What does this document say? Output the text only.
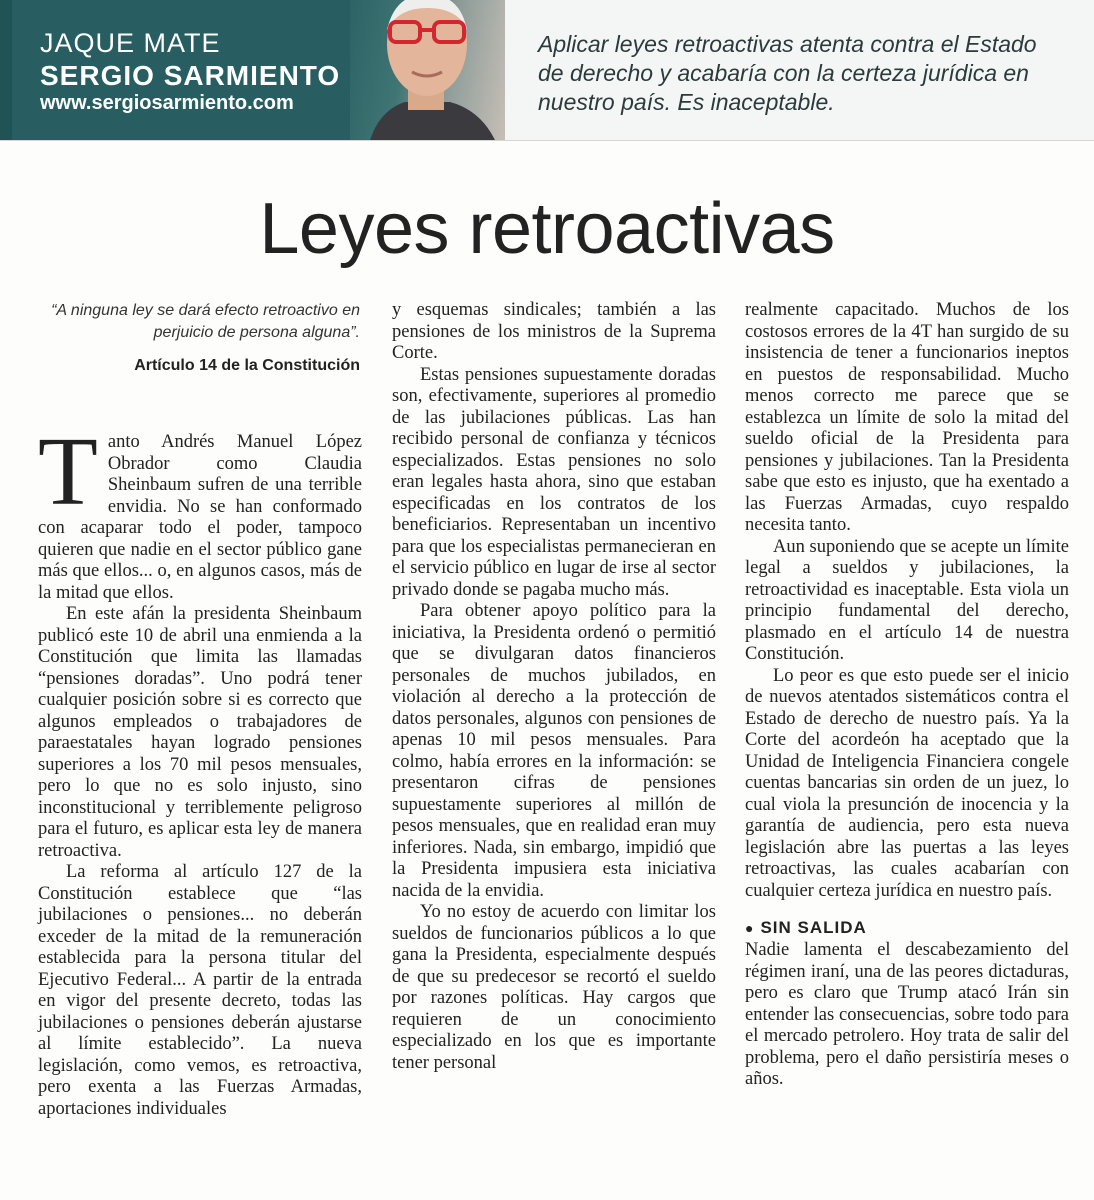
JAQUE MATE
SERGIO SARMIENTO
www.sergiosarmiento.com
Aplicar leyes retroactivas atenta contra el Estado de derecho y acabaría con la certeza jurídica en nuestro país. Es inaceptable.
Leyes retroactivas
“A ninguna ley se dará efecto retroactivo en perjuicio de persona alguna”.
Artículo 14 de la Constitución

Tanto Andrés Manuel López Obrador como Claudia Sheinbaum sufren de una terrible envidia. No se han conformado con acaparar todo el poder, tampoco quieren que nadie en el sector público gane más que ellos... o, en algunos casos, más de la mitad que ellos.

En este afán la presidenta Sheinbaum publicó este 10 de abril una enmienda a la Constitución que limita las llamadas “pensiones doradas”. Uno podrá tener cualquier posición sobre si es correcto que algunos empleados o trabajadores de paraestatales hayan logrado pensiones superiores a los 70 mil pesos mensuales, pero lo que no es solo injusto, sino inconstitucional y terriblemente peligroso para el futuro, es aplicar esta ley de manera retroactiva.

La reforma al artículo 127 de la Constitución establece que “las jubilaciones o pensiones... no deberán exceder de la mitad de la remuneración establecida para la persona titular del Ejecutivo Federal... A partir de la entrada en vigor del presente decreto, todas las jubilaciones o pensiones deberán ajustarse al límite establecido”. La nueva legislación, como vemos, es retroactiva, pero exenta a las Fuerzas Armadas, aportaciones individuales

y esquemas sindicales; también a las pensiones de los ministros de la Suprema Corte.

Estas pensiones supuestamente doradas son, efectivamente, superiores al promedio de las jubilaciones públicas. Las han recibido personal de confianza y técnicos especializados. Estas pensiones no solo eran legales hasta ahora, sino que estaban especificadas en los contratos de los beneficiarios. Representaban un incentivo para que los especialistas permanecieran en el servicio público en lugar de irse al sector privado donde se pagaba mucho más.

Para obtener apoyo político para la iniciativa, la Presidenta ordenó o permitió que se divulgaran datos financieros personales de muchos jubilados, en violación al derecho a la protección de datos personales, algunos con pensiones de apenas 10 mil pesos mensuales. Para colmo, había errores en la información: se presentaron cifras de pensiones supuestamente superiores al millón de pesos mensuales, que en realidad eran muy inferiores. Nada, sin embargo, impidió que la Presidenta impusiera esta iniciativa nacida de la envidia.

Yo no estoy de acuerdo con limitar los sueldos de funcionarios públicos a lo que gana la Presidenta, especialmente después de que su predecesor se recortó el sueldo por razones políticas. Hay cargos que requieren de un conocimiento especializado en los que es importante tener personal

realmente capacitado. Muchos de los costosos errores de la 4T han surgido de su insistencia de tener a funcionarios ineptos en puestos de responsabilidad. Mucho menos correcto me parece que se establezca un límite de solo la mitad del sueldo oficial de la Presidenta para pensiones y jubilaciones. Tan la Presidenta sabe que esto es injusto, que ha exentado a las Fuerzas Armadas, cuyo respaldo necesita tanto.

Aun suponiendo que se acepte un límite legal a sueldos y jubilaciones, la retroactividad es inaceptable. Esta viola un principio fundamental del derecho, plasmado en el artículo 14 de nuestra Constitución.

Lo peor es que esto puede ser el inicio de nuevos atentados sistemáticos contra el Estado de derecho de nuestro país. Ya la Corte del acordeón ha aceptado que la Unidad de Inteligencia Financiera congele cuentas bancarias sin orden de un juez, lo cual viola la presunción de inocencia y la garantía de audiencia, pero esta nueva legislación abre las puertas a las leyes retroactivas, las cuales acabarían con cualquier certeza jurídica en nuestro país.

● SIN SALIDA

Nadie lamenta el descabezamiento del régimen iraní, una de las peores dictaduras, pero es claro que Trump atacó Irán sin entender las consecuencias, sobre todo para el mercado petrolero. Hoy trata de salir del problema, pero el daño persistiría meses o años.
